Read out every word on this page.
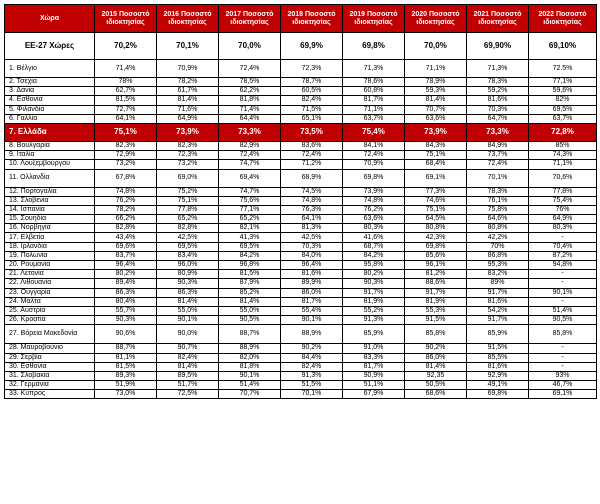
Χώρα	2015 Ποσοστό ιδιοκτησίας	2016 Ποσοστό ιδιοκτησίας	2017 Ποσοστό ιδιοκτησίας	2018 Ποσοστό ιδιοκτησίας	2019 Ποσοστό ιδιοκτησίας	2020 Ποσοστό ιδιοκτησίας	2021 Ποσοστό ιδιοκτησίας	2022 Ποσοστό ιδιοκτησίας
ΕΕ-27 Χώρες	70,2%	70,1%	70,0%	69,9%	69,8%	70,0%	69,90%	69,10%
1. Βέλγιο	71,4%	70,9%	72,4%	72,3%	71,3%	71,1%	71,3%	72.5%
2. Τσεχία	78%	78,2%	78,5%	78,7%	78,6%	78,9%	78,3%	77,1%
3. Δανία	62,7%	61,7%	62,2%	60,5%	60,8%	59,3%	59,2%	59,6%
4. Εσθονία	81,5%	81,4%	81,8%	82,4%	81,7%	81,4%	81,6%	82%
5. Φιλανδία	72,7%	71,6%	71,4%	71,5%	71,1%	70,7%	70,3%	69,5%
6. Γαλλία	64,1%	64,9%	64,4%	65,1%	63,7%	63,6%	64,7%	63,7%
7. Ελλάδα	75,1%	73,9%	73,3%	73,5%	75,4%	73,9%	73,3%	72,8%
8. Βουλγαρία	82,3%	82,3%	82,9%	83,6%	84,1%	84,3%	84,9%	85%
9. Ιταλία	72,9%	72,3%	72,4%	72,4%	72,4%	75,1%	73,7%	74,3%
10. Λουξεμβούργου	73,2%	73,2%	74,7%	71,2%	70,9%	68,4%	72,4%	71,1%
11. Ολλανδία	67,8%	69,0%	69,4%	68,9%	69,8%	69,1%	70,1%	70,6%
12. Πορτογαλία	74,8%	75,2%	74,7%	74,5%	73,9%	77,3%	78,3%	77,8%
13. Σλοβενία	76,2%	75,1%	75,6%	74,8%	74,8%	74,6%	76,1%	75,4%
14. Ισπανία	78,2%	77,8%	77,1%	76,3%	76,2%	75,1%	75,8%	76%
15. Σουηδία	66,2%	65,2%	65,2%	64,1%	63,6%	64,5%	64,6%	64,9%
16. Νορβηγία	82,8%	82,8%	82,1%	81,3%	80,3%	80,8%	80,8%	80,3%
17. Ελβετία	43,4%	42,5%	41,3%	42,5%	41,6%	42,3%	42,2%	-
18. Ιρλανδία	69,6%	69,5%	69,5%	70,3%	68,7%	69,8%	70%	70,4%
19. Πολωνία	83,7%	83,4%	84,2%	84,0%	84,2%	85,6%	86,8%	87,2%
20. Ρουμανία	96,4%	96,0%	96,8%	96,4%	95,8%	96,1%	95,3%	94,8%
21. Λετονία	80,2%	80,9%	81,5%	81,6%	80,2%	81,2%	83,2%	-
22. Λιθουανία	89,4%	90,3%	87,9%	89,9%	90,3%	88,6%	89%	-
23. Ουγγαρία	86,3%	86,3%	85,2%	86,0%	91,7%	91,7%	91,7%	90,1%
24. Μάλτα	80,4%	81,4%	81,4%	81,7%	81,9%	81,9%	81,6%	-
25. Αυστρία	55,7%	55,0%	55,0%	55,4%	55,2%	55,3%	54,2%	51,4%
26. Κροατία	90,3%	90,1%	90,5%	90,1%	91,3%	91,5%	91,7%	90,5%
27. Βόρεια Μακεδονία	90,6%	90,0%	88,7%	88,9%	85,9%	85,8%	85,9%	85,8%
28. Μαυροβούνιο	88,7%	90,7%	88,9%	90,2%	91,0%	90,2%	91,5%	-
29. Σερβία	81,1%	82,4%	82,0%	84,4%	83,3%	86,0%	85,5%	-
30. Εσθονία	81,5%	81,4%	81,8%	82,4%	81,7%	81,4%	81,6%	-
31. Σλοβακία	89,3%	89,5%	90,1%	91,3%	90,9%	92,35	92,9%	93%
32. Γερμανία	51,9%	51,7%	51,4%	51,5%	51,1%	50,5%	49,1%	46,7%
33. Κύπρος	73,0%	72,5%	70,7%	70,1%	67,9%	68,6%	69,8%	69,1%
